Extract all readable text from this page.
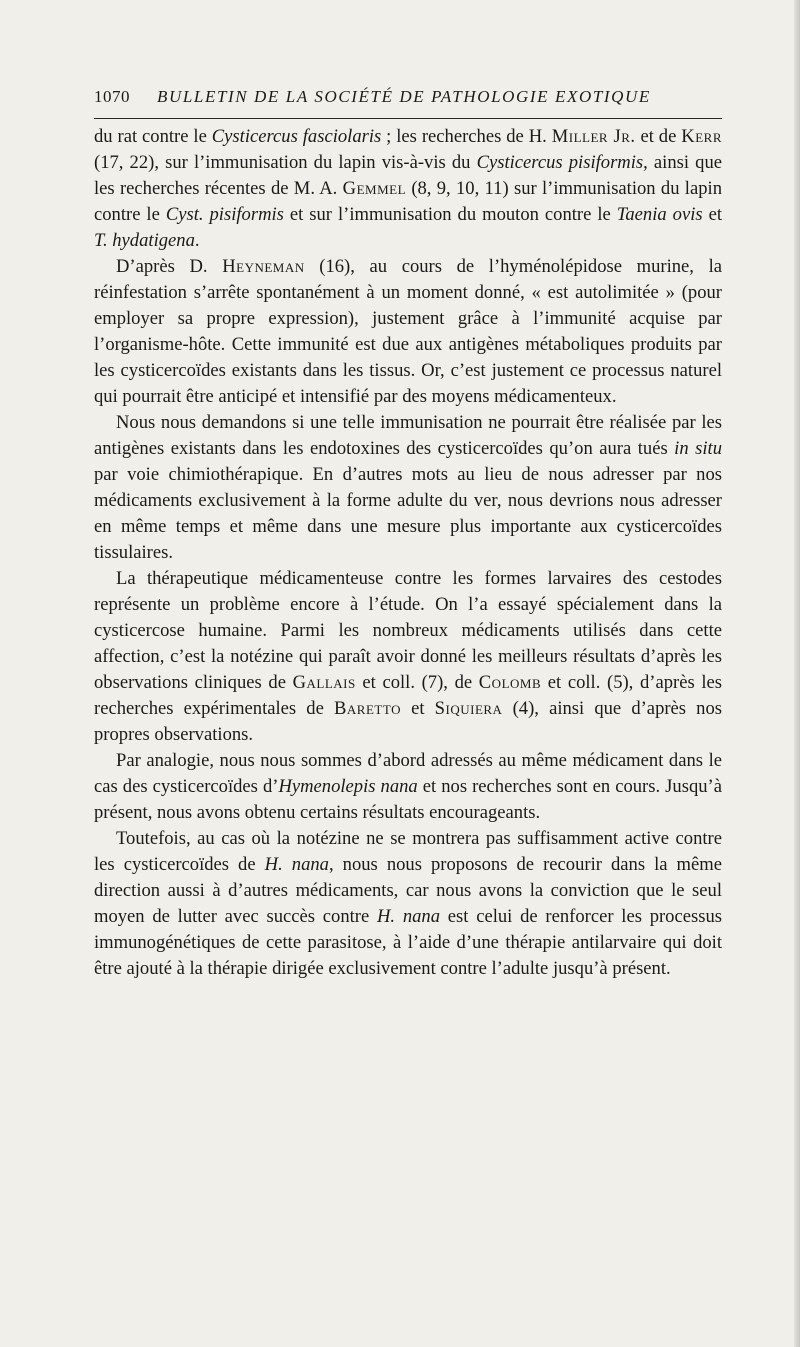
1070 BULLETIN DE LA SOCIÉTÉ DE PATHOLOGIE EXOTIQUE

du rat contre le Cysticercus fasciolaris ; les recherches de H. Miller Jr. et de Kerr (17, 22), sur l’immunisation du lapin vis-à-vis du Cysticercus pisiformis, ainsi que les recherches récentes de M. A. Gemmel (8, 9, 10, 11) sur l’immunisation du lapin contre le Cyst. pisiformis et sur l’immunisation du mouton contre le Taenia ovis et T. hydatigena.

D’après D. Heyneman (16), au cours de l’hyménolépidose murine, la réinfestation s’arrête spontanément à un moment donné, « est autolimitée » (pour employer sa propre expression), justement grâce à l’immunité acquise par l’organisme-hôte. Cette immunité est due aux antigènes métaboliques produits par les cysticercoïdes existants dans les tissus. Or, c’est justement ce processus naturel qui pourrait être anticipé et intensifié par des moyens médicamenteux.

Nous nous demandons si une telle immunisation ne pourrait être réalisée par les antigènes existants dans les endotoxines des cysticercoïdes qu’on aura tués in situ par voie chimiothérapique. En d’autres mots au lieu de nous adresser par nos médicaments exclusivement à la forme adulte du ver, nous devrions nous adresser en même temps et même dans une mesure plus importante aux cysticercoïdes tissulaires.

La thérapeutique médicamenteuse contre les formes larvaires des cestodes représente un problème encore à l’étude. On l’a essayé spécialement dans la cysticercose humaine. Parmi les nombreux médicaments utilisés dans cette affection, c’est la notézine qui paraît avoir donné les meilleurs résultats d’après les observations cliniques de Gallais et coll. (7), de Colomb et coll. (5), d’après les recherches expérimentales de Baretto et Siquiera (4), ainsi que d’après nos propres observations.

Par analogie, nous nous sommes d’abord adressés au même médicament dans le cas des cysticercoïdes d’Hymenolepis nana et nos recherches sont en cours. Jusqu’à présent, nous avons obtenu certains résultats encourageants.

Toutefois, au cas où la notézine ne se montrera pas suffisamment active contre les cysticercoïdes de H. nana, nous nous proposons de recourir dans la même direction aussi à d’autres médicaments, car nous avons la conviction que le seul moyen de lutter avec succès contre H. nana est celui de renforcer les processus immunogénétiques de cette parasitose, à l’aide d’une thérapie antilarvaire qui doit être ajouté à la thérapie dirigée exclusivement contre l’adulte jusqu’à présent.
